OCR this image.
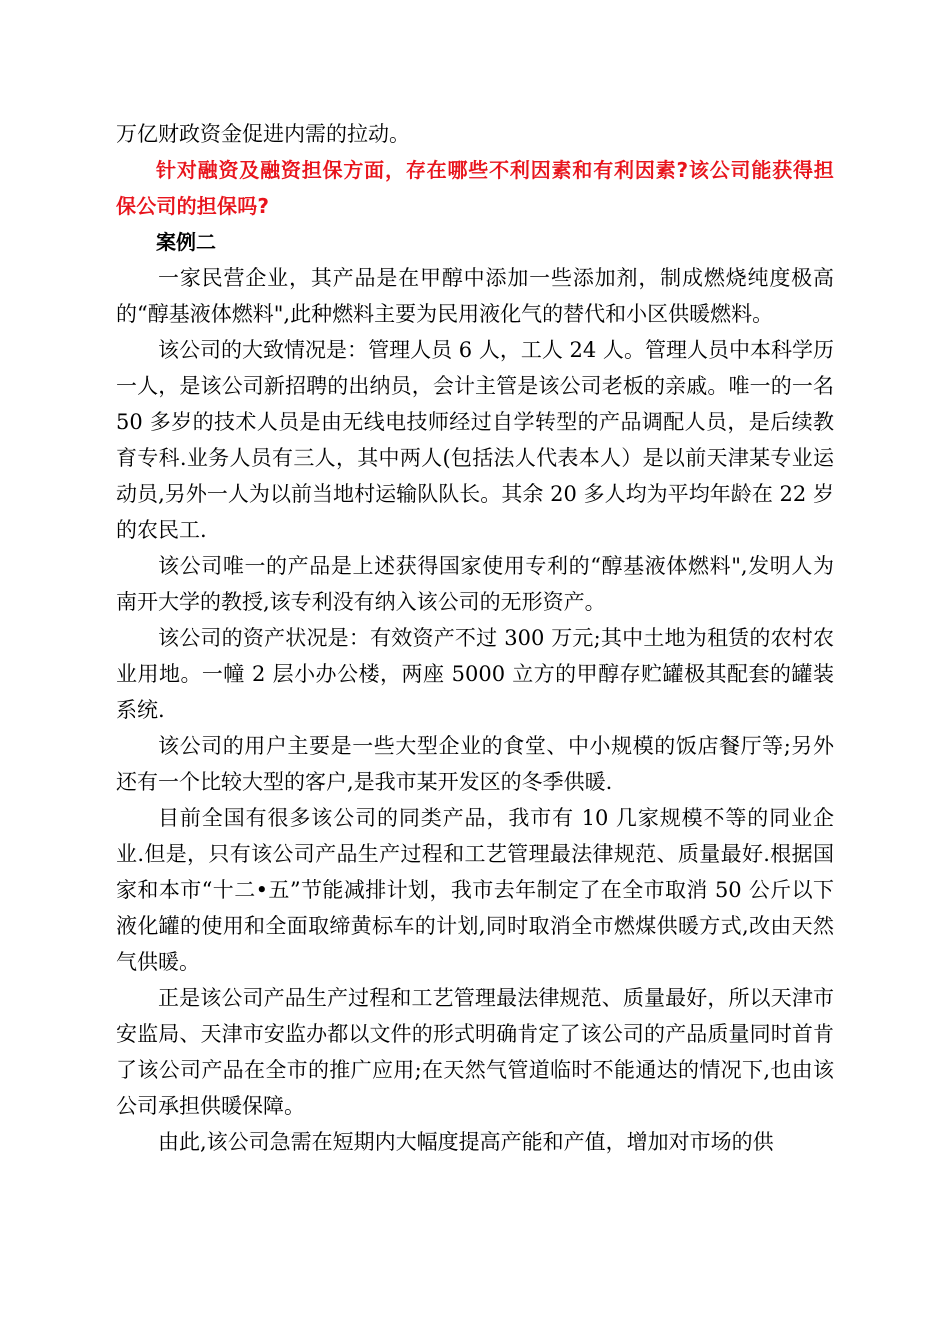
万亿财政资金促进内需的拉动。

针对融资及融资担保方面，存在哪些不利因素和有利因素?该公司能获得担保公司的担保吗?

案例二

一家民营企业，其产品是在甲醇中添加一些添加剂，制成燃烧纯度极高的“醇基液体燃料",此种燃料主要为民用液化气的替代和小区供暖燃料。

该公司的大致情况是：管理人员 6 人，工人 24 人。管理人员中本科学历一人，是该公司新招聘的出纳员，会计主管是该公司老板的亲戚。唯一的一名 50 多岁的技术人员是由无线电技师经过自学转型的产品调配人员，是后续教育专科.业务人员有三人，其中两人(包括法人代表本人）是以前天津某专业运动员,另外一人为以前当地村运输队队长。其余 20 多人均为平均年龄在 22 岁的农民工.

该公司唯一的产品是上述获得国家使用专利的“醇基液体燃料",发明人为南开大学的教授,该专利没有纳入该公司的无形资产。

该公司的资产状况是：有效资产不过 300 万元;其中土地为租赁的农村农业用地。一幢 2 层小办公楼，两座 5000 立方的甲醇存贮罐极其配套的罐装系统.

该公司的用户主要是一些大型企业的食堂、中小规模的饭店餐厅等;另外还有一个比较大型的客户,是我市某开发区的冬季供暖.

目前全国有很多该公司的同类产品，我市有 10 几家规模不等的同业企业.但是，只有该公司产品生产过程和工艺管理最法律规范、质量最好.根据国家和本市“十二•五”节能减排计划，我市去年制定了在全市取消 50 公斤以下液化罐的使用和全面取缔黄标车的计划,同时取消全市燃煤供暖方式,改由天然气供暖。

正是该公司产品生产过程和工艺管理最法律规范、质量最好，所以天津市安监局、天津市安监办都以文件的形式明确肯定了该公司的产品质量同时首肯了该公司产品在全市的推广应用;在天然气管道临时不能通达的情况下,也由该公司承担供暖保障。

由此,该公司急需在短期内大幅度提高产能和产值，增加对市场的供
